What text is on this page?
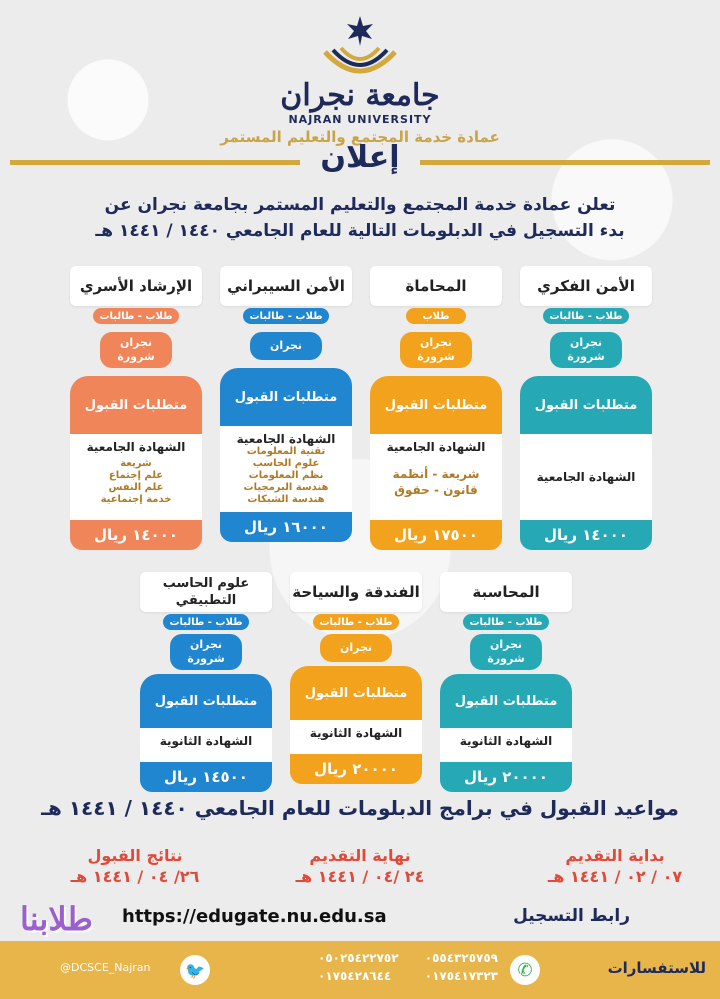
جامعة نجران
NAJRAN UNIVERSITY
عمادة خدمة المجتمع والتعليم المستمر
إعلان
تعلن عمادة خدمة المجتمع والتعليم المستمر بجامعة نجران عن
بدء التسجيل في الدبلومات التالية للعام الجامعي ١٤٤٠ / ١٤٤١ هـ
الأمن الفكري
طلاب - طالبات
نجران
شرورة
متطلبات القبول
الشهادة الجامعية
١٤٠٠٠ ريال
المحاماة
طلاب
نجران
شرورة
متطلبات القبول
الشهادة الجامعية
شريعة - أنظمة
قانون - حقوق
١٧٥٠٠ ريال
الأمن السيبراني
طلاب - طالبات
نجران
متطلبات القبول
الشهادة الجامعية
تقنية المعلومات
علوم الحاسب
نظم المعلومات
هندسة البرمجيات
هندسة الشبكات
١٦٠٠٠ ريال
الإرشاد الأسري
طلاب - طالبات
نجران
شرورة
متطلبات القبول
الشهادة الجامعية
شريعة
علم إجتماع
علم النفس
خدمة إجتماعية
١٤٠٠٠ ريال
المحاسبة
طلاب - طالبات
نجران
شرورة
متطلبات القبول
الشهادة الثانوية
٢٠٠٠٠ ريال
الفندقة والسياحة
طلاب - طالبات
نجران
متطلبات القبول
الشهادة الثانوية
٢٠٠٠٠ ريال
علوم الحاسب التطبيقي
طلاب - طالبات
نجران
شرورة
متطلبات القبول
الشهادة الثانوية
١٤٥٠٠ ريال
مواعيد القبول في برامج الدبلومات للعام الجامعي ١٤٤٠ / ١٤٤١ هـ
بداية التقديم
٠٧ / ٠٢ / ١٤٤١ هـ
نهاية التقديم
٢٤ /٠٤ / ١٤٤١ هـ
نتائج القبول
٢٦/ ٠٤ / ١٤٤١ هـ
رابط التسجيل
https://edugate.nu.edu.sa
طلابنا
للاستفسارات
✆
٠٥٠٢٥٤٢٢٧٥٢ ٠٥٥٤٣٢٥٧٥٩
٠١٧٥٤٢٨٦٤٤	٠١٧٥٤١٧٣٢٣
🐦
@DCSCE_Najran
